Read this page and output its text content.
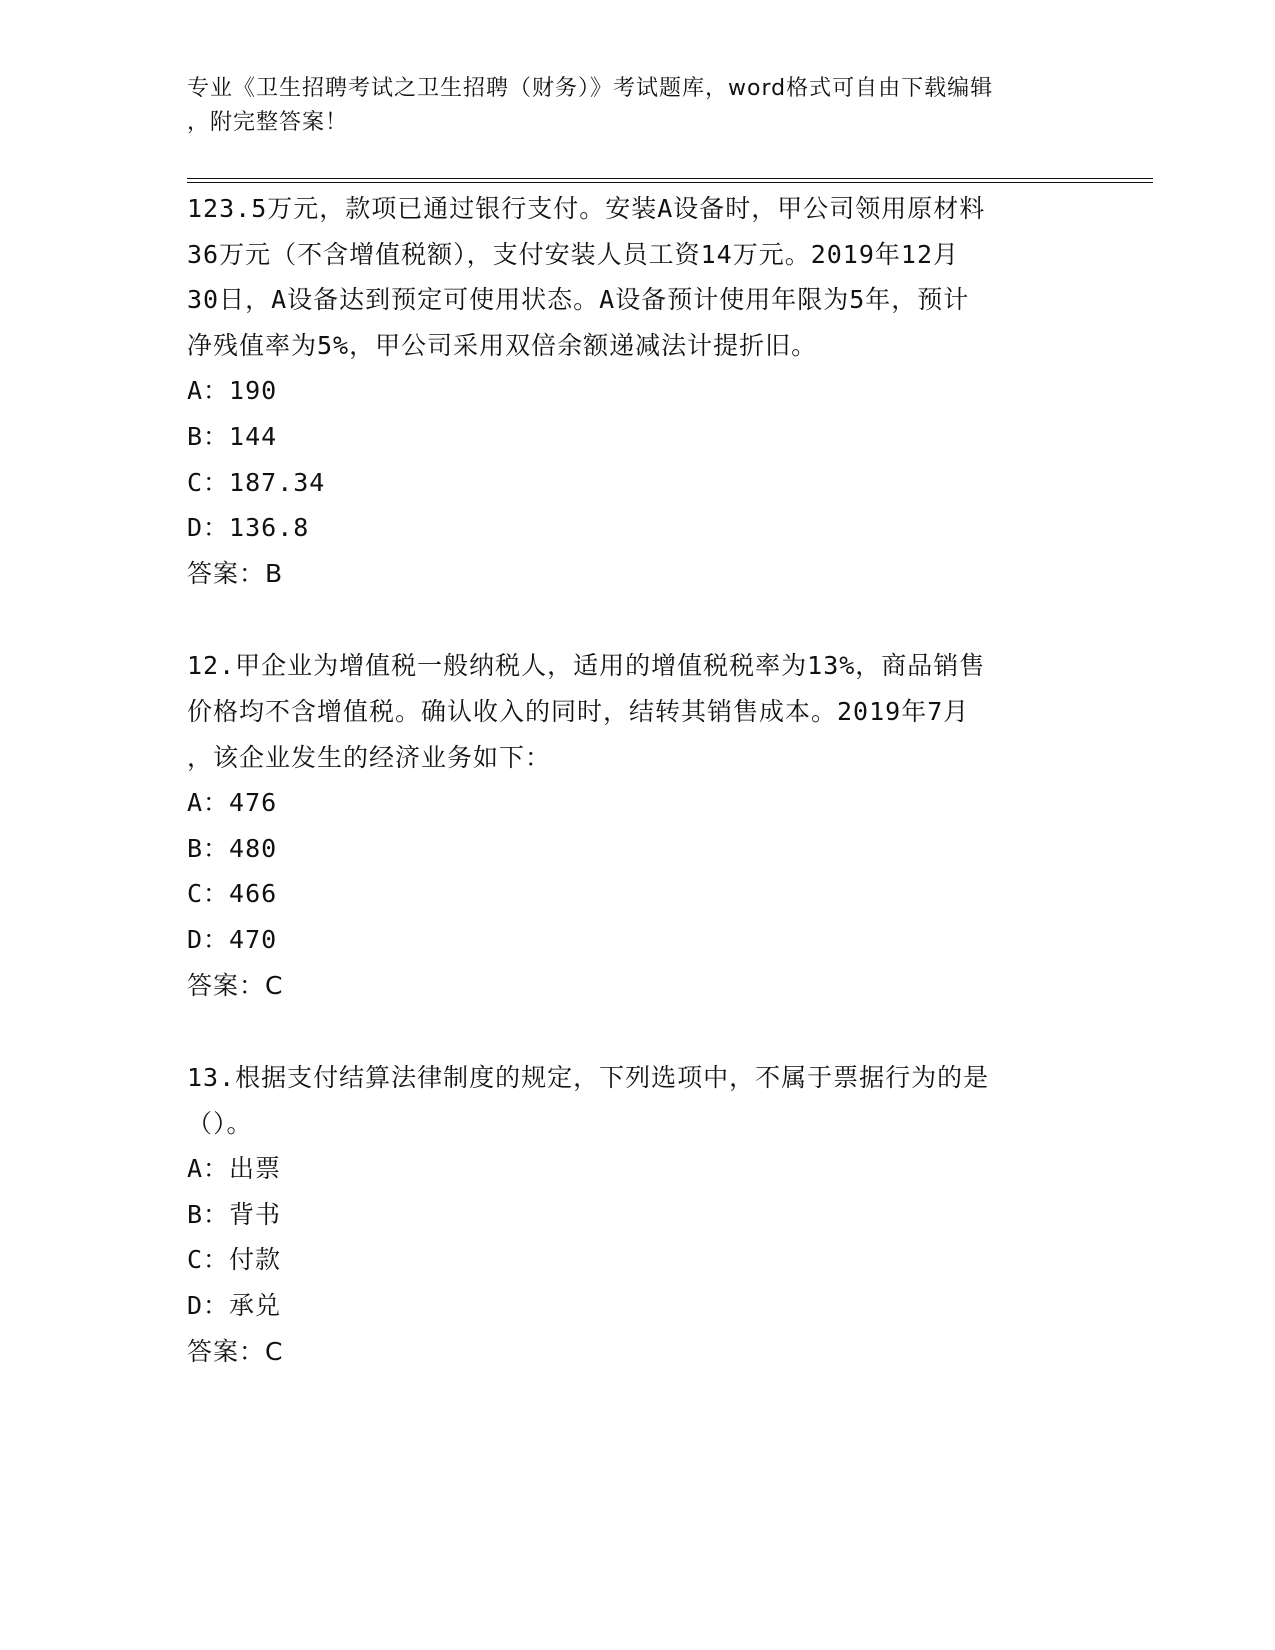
专业《卫生招聘考试之卫生招聘（财务）》考试题库，word格式可自由下载编辑
，附完整答案！

123.5万元，款项已通过银行支付。安装A设备时，甲公司领用原材料

36万元（不含增值税额），支付安装人员工资14万元。2019年12月

30日，A设备达到预定可使用状态。A设备预计使用年限为5年，预计

净残值率为5%，甲公司采用双倍余额递减法计提折旧。

A：190

B：144

C：187.34

D：136.8

答案：B

12.甲企业为增值税一般纳税人，适用的增值税税率为13%，商品销售

价格均不含增值税。确认收入的同时，结转其销售成本。2019年7月

，该企业发生的经济业务如下：

A：476

B：480

C：466

D：470

答案：C

13.根据支付结算法律制度的规定，下列选项中，不属于票据行为的是

（）。

A：出票

B：背书

C：付款

D：承兑

答案：C
